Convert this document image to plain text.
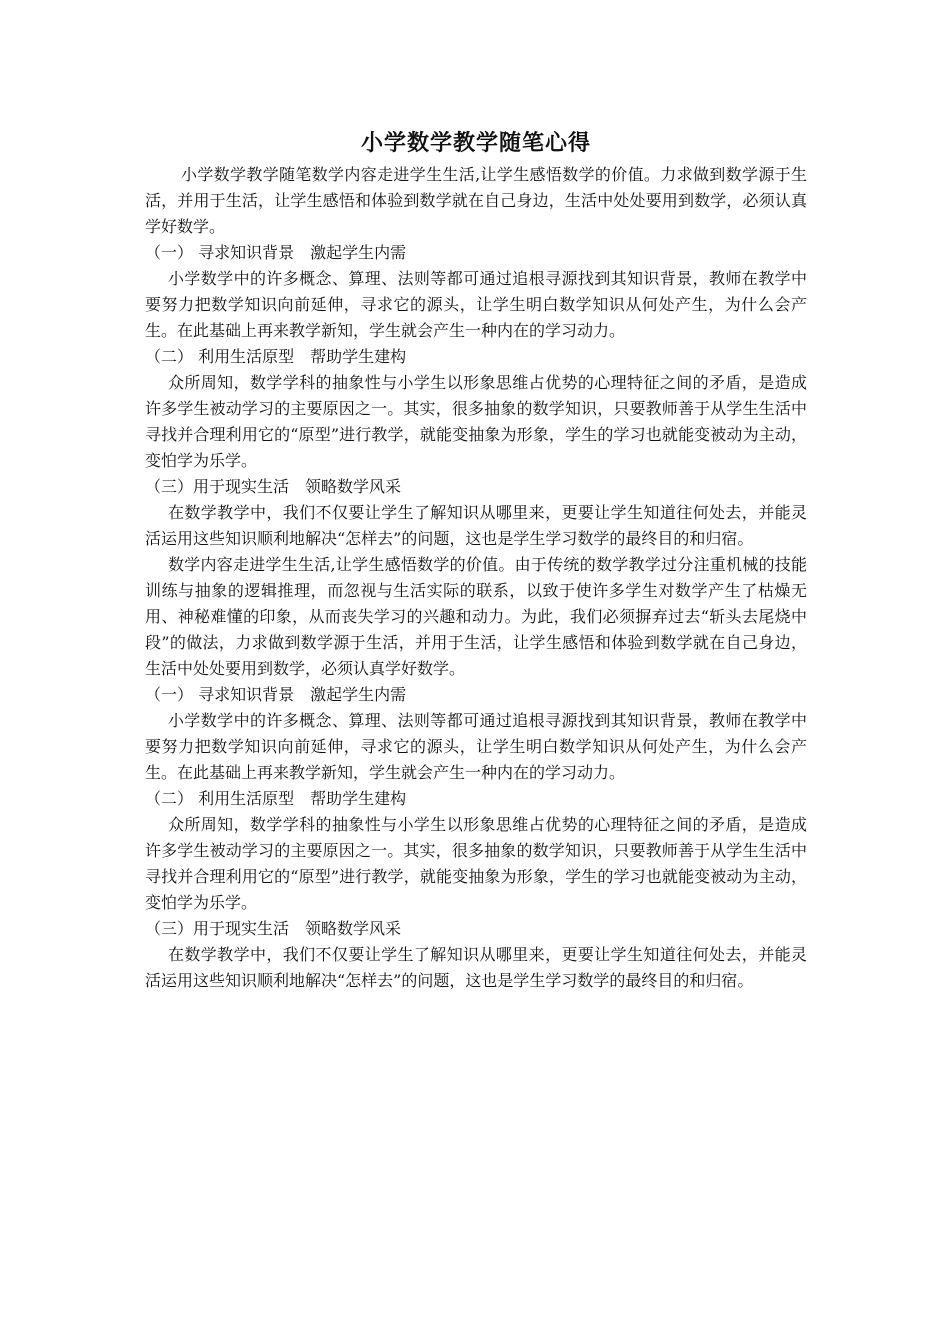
小学数学教学随笔心得

小学数学教学随笔数学内容走进学生生活,让学生感悟数学的价值。力求做到数学源于生活，并用于生活，让学生感悟和体验到数学就在自己身边，生活中处处要用到数学，必须认真学好数学。

（一） 寻求知识背景　激起学生内需

小学数学中的许多概念、算理、法则等都可通过追根寻源找到其知识背景，教师在教学中要努力把数学知识向前延伸，寻求它的源头，让学生明白数学知识从何处产生，为什么会产生。在此基础上再来教学新知，学生就会产生一种内在的学习动力。

（二） 利用生活原型　帮助学生建构

众所周知，数学学科的抽象性与小学生以形象思维占优势的心理特征之间的矛盾，是造成许多学生被动学习的主要原因之一。其实，很多抽象的数学知识，只要教师善于从学生生活中寻找并合理利用它的“原型”进行教学，就能变抽象为形象，学生的学习也就能变被动为主动，变怕学为乐学。

（三）用于现实生活　领略数学风采

在数学教学中，我们不仅要让学生了解知识从哪里来，更要让学生知道往何处去，并能灵活运用这些知识顺利地解决“怎样去”的问题，这也是学生学习数学的最终目的和归宿。

数学内容走进学生生活,让学生感悟数学的价值。由于传统的数学教学过分注重机械的技能训练与抽象的逻辑推理，而忽视与生活实际的联系，以致于使许多学生对数学产生了枯燥无用、神秘难懂的印象，从而丧失学习的兴趣和动力。为此，我们必须摒弃过去“斩头去尾烧中段”的做法，力求做到数学源于生活，并用于生活，让学生感悟和体验到数学就在自己身边，生活中处处要用到数学，必须认真学好数学。

（一） 寻求知识背景　激起学生内需

小学数学中的许多概念、算理、法则等都可通过追根寻源找到其知识背景，教师在教学中要努力把数学知识向前延伸，寻求它的源头，让学生明白数学知识从何处产生，为什么会产生。在此基础上再来教学新知，学生就会产生一种内在的学习动力。

（二） 利用生活原型　帮助学生建构

众所周知，数学学科的抽象性与小学生以形象思维占优势的心理特征之间的矛盾，是造成许多学生被动学习的主要原因之一。其实，很多抽象的数学知识，只要教师善于从学生生活中寻找并合理利用它的“原型”进行教学，就能变抽象为形象，学生的学习也就能变被动为主动，变怕学为乐学。

（三）用于现实生活　领略数学风采

在数学教学中，我们不仅要让学生了解知识从哪里来，更要让学生知道往何处去，并能灵活运用这些知识顺利地解决“怎样去”的问题，这也是学生学习数学的最终目的和归宿。
